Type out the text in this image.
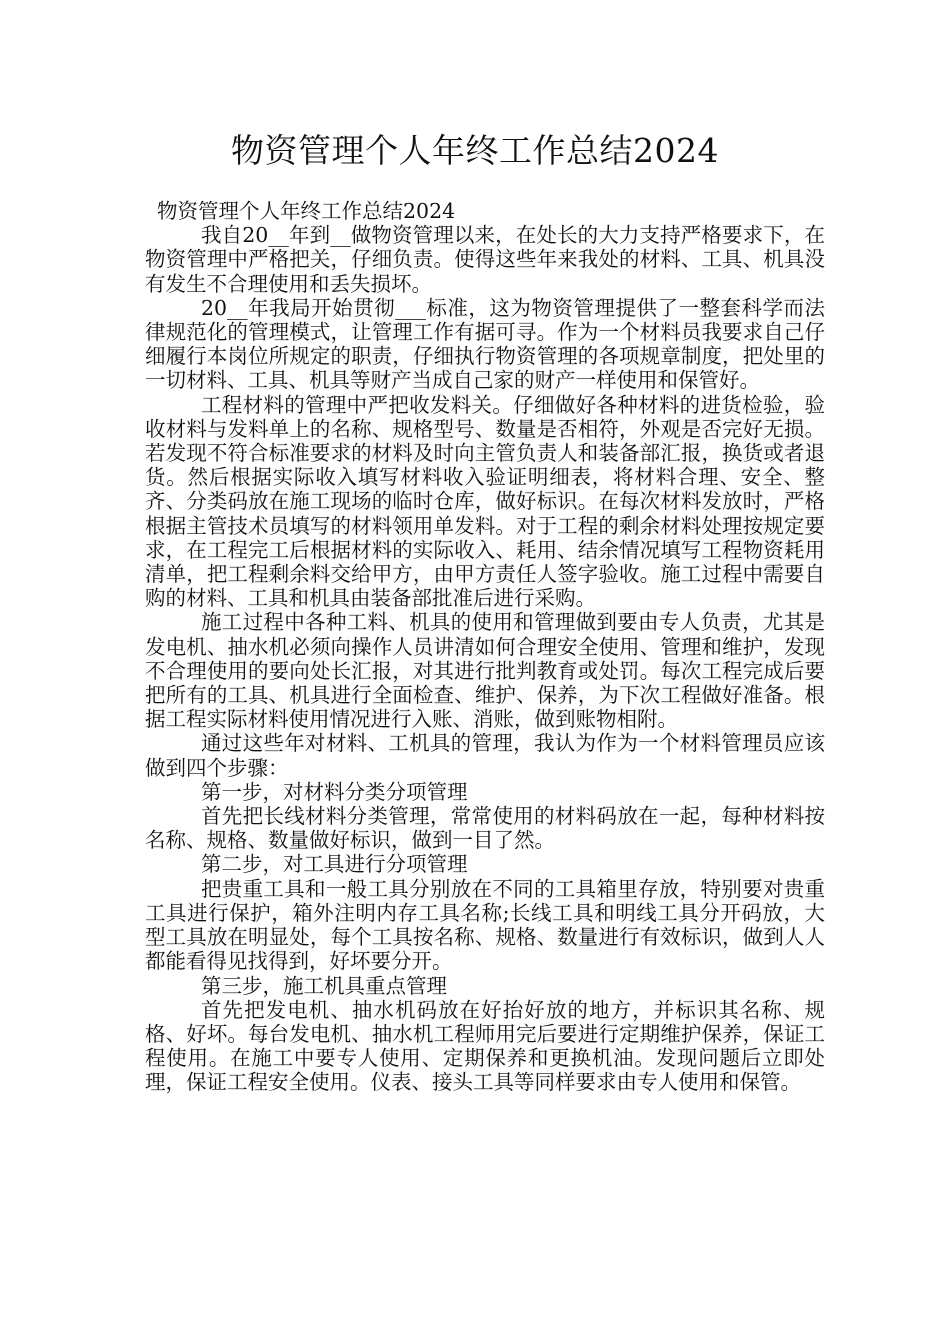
物资管理个人年终工作总结2024

物资管理个人年终工作总结2024

我自20__年到__做物资管理以来，在处长的大力支持严格要求下，在物资管理中严格把关，仔细负责。使得这些年来我处的材料、工具、机具没有发生不合理使用和丢失损坏。

20__年我局开始贯彻___标准，这为物资管理提供了一整套科学而法律规范化的管理模式，让管理工作有据可寻。作为一个材料员我要求自己仔细履行本岗位所规定的职责，仔细执行物资管理的各项规章制度，把处里的一切材料、工具、机具等财产当成自己家的财产一样使用和保管好。

工程材料的管理中严把收发料关。仔细做好各种材料的进货检验，验收材料与发料单上的名称、规格型号、数量是否相符，外观是否完好无损。若发现不符合标准要求的材料及时向主管负责人和装备部汇报，换货或者退货。然后根据实际收入填写材料收入验证明细表，将材料合理、安全、整齐、分类码放在施工现场的临时仓库，做好标识。在每次材料发放时，严格根据主管技术员填写的材料领用单发料。对于工程的剩余材料处理按规定要求，在工程完工后根据材料的实际收入、耗用、结余情况填写工程物资耗用清单，把工程剩余料交给甲方，由甲方责任人签字验收。施工过程中需要自购的材料、工具和机具由装备部批准后进行采购。

施工过程中各种工料、机具的使用和管理做到要由专人负责，尤其是发电机、抽水机必须向操作人员讲清如何合理安全使用、管理和维护，发现不合理使用的要向处长汇报，对其进行批判教育或处罚。每次工程完成后要把所有的工具、机具进行全面检查、维护、保养，为下次工程做好准备。根据工程实际材料使用情况进行入账、消账，做到账物相附。

通过这些年对材料、工机具的管理，我认为作为一个材料管理员应该做到四个步骤：

第一步，对材料分类分项管理

首先把长线材料分类管理，常常使用的材料码放在一起，每种材料按名称、规格、数量做好标识，做到一目了然。

第二步，对工具进行分项管理

把贵重工具和一般工具分别放在不同的工具箱里存放，特别要对贵重工具进行保护，箱外注明内存工具名称;长线工具和明线工具分开码放，大型工具放在明显处，每个工具按名称、规格、数量进行有效标识，做到人人都能看得见找得到，好坏要分开。

第三步，施工机具重点管理

首先把发电机、抽水机码放在好抬好放的地方，并标识其名称、规格、好坏。每台发电机、抽水机工程师用完后要进行定期维护保养，保证工程使用。在施工中要专人使用、定期保养和更换机油。发现问题后立即处理，保证工程安全使用。仪表、接头工具等同样要求由专人使用和保管。
